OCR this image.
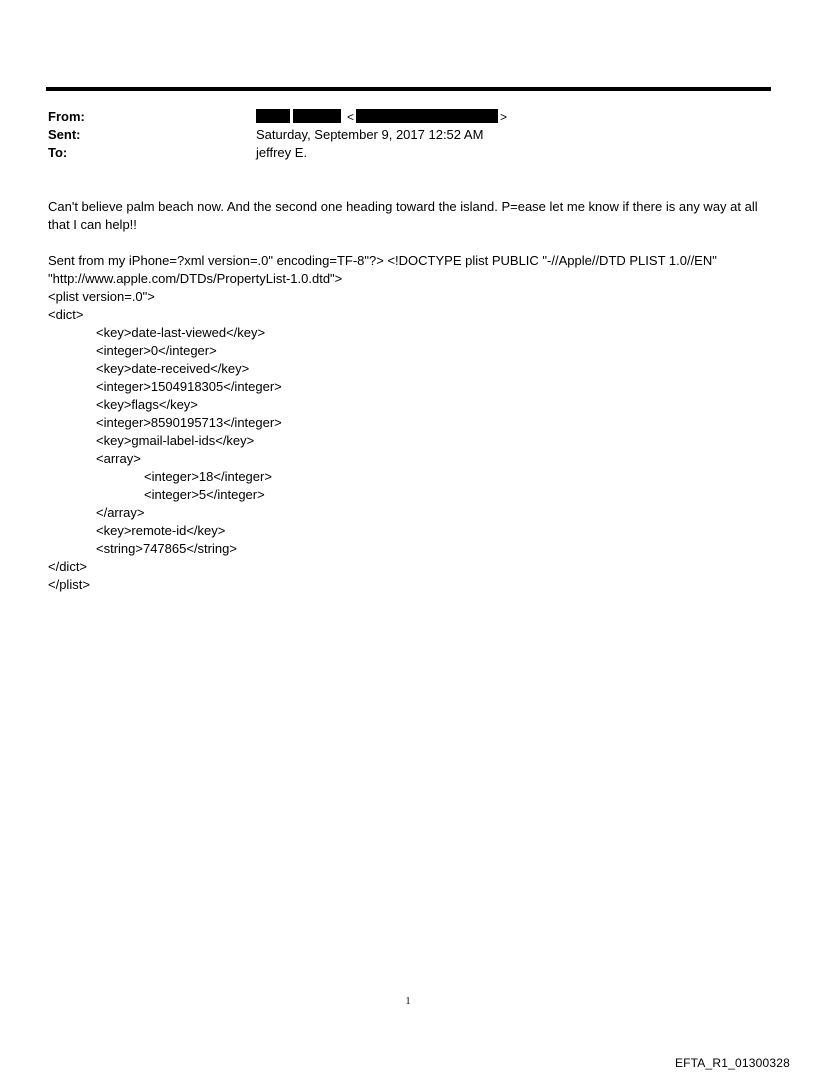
From:	<	>
Sent:	Saturday, September 9, 2017 12:52 AM
To:	jeffrey E.

Can't believe palm beach now. And the second one heading toward the island. P=ease let me know if there is any way at all that I can help!!

Sent from my iPhone=?xml version=.0" encoding=TF-8"?> <!DOCTYPE plist PUBLIC "-//Apple//DTD PLIST 1.0//EN" "http://www.apple.com/DTDs/PropertyList-1.0.dtd">
<plist version=.0">
<dict>
<key>date-last-viewed</key>
<integer>0</integer>
<key>date-received</key>
<integer>1504918305</integer>
<key>flags</key>
<integer>8590195713</integer>
<key>gmail-label-ids</key>
<array>
<integer>18</integer>
<integer>5</integer>
</array>
<key>remote-id</key>
<string>747865</string>
</dict>
</plist>
1
EFTA_R1_01300328
